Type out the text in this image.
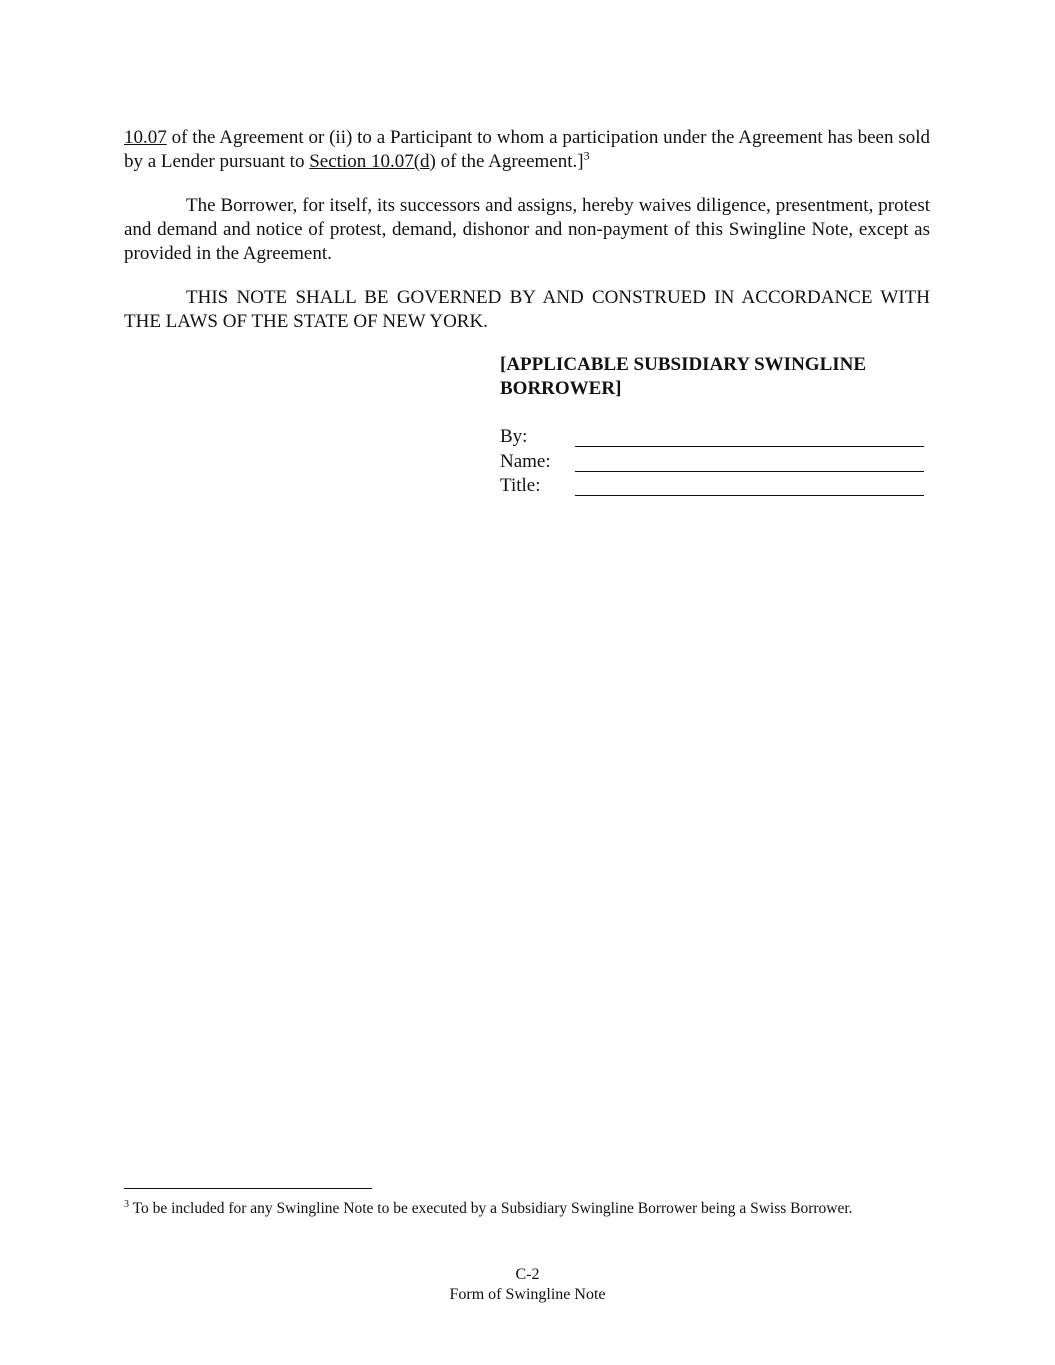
10.07 of the Agreement or (ii) to a Participant to whom a participation under the Agreement has been sold by a Lender pursuant to Section 10.07(d) of the Agreement.]$^3$

The Borrower, for itself, its successors and assigns, hereby waives diligence, presentment, protest and demand and notice of protest, demand, dishonor and non-payment of this Swingline Note, except as provided in the Agreement.

THIS NOTE SHALL BE GOVERNED BY AND CONSTRUED IN ACCORDANCE WITH THE LAWS OF THE STATE OF NEW YORK.

[APPLICABLE SUBSIDIARY SWINGLINE
BORROWER]

By:
Name:
Title:

$^3$ To be included for any Swingline Note to be executed by a Subsidiary Swingline Borrower being a Swiss Borrower.

C-2
Form of Swingline Note
